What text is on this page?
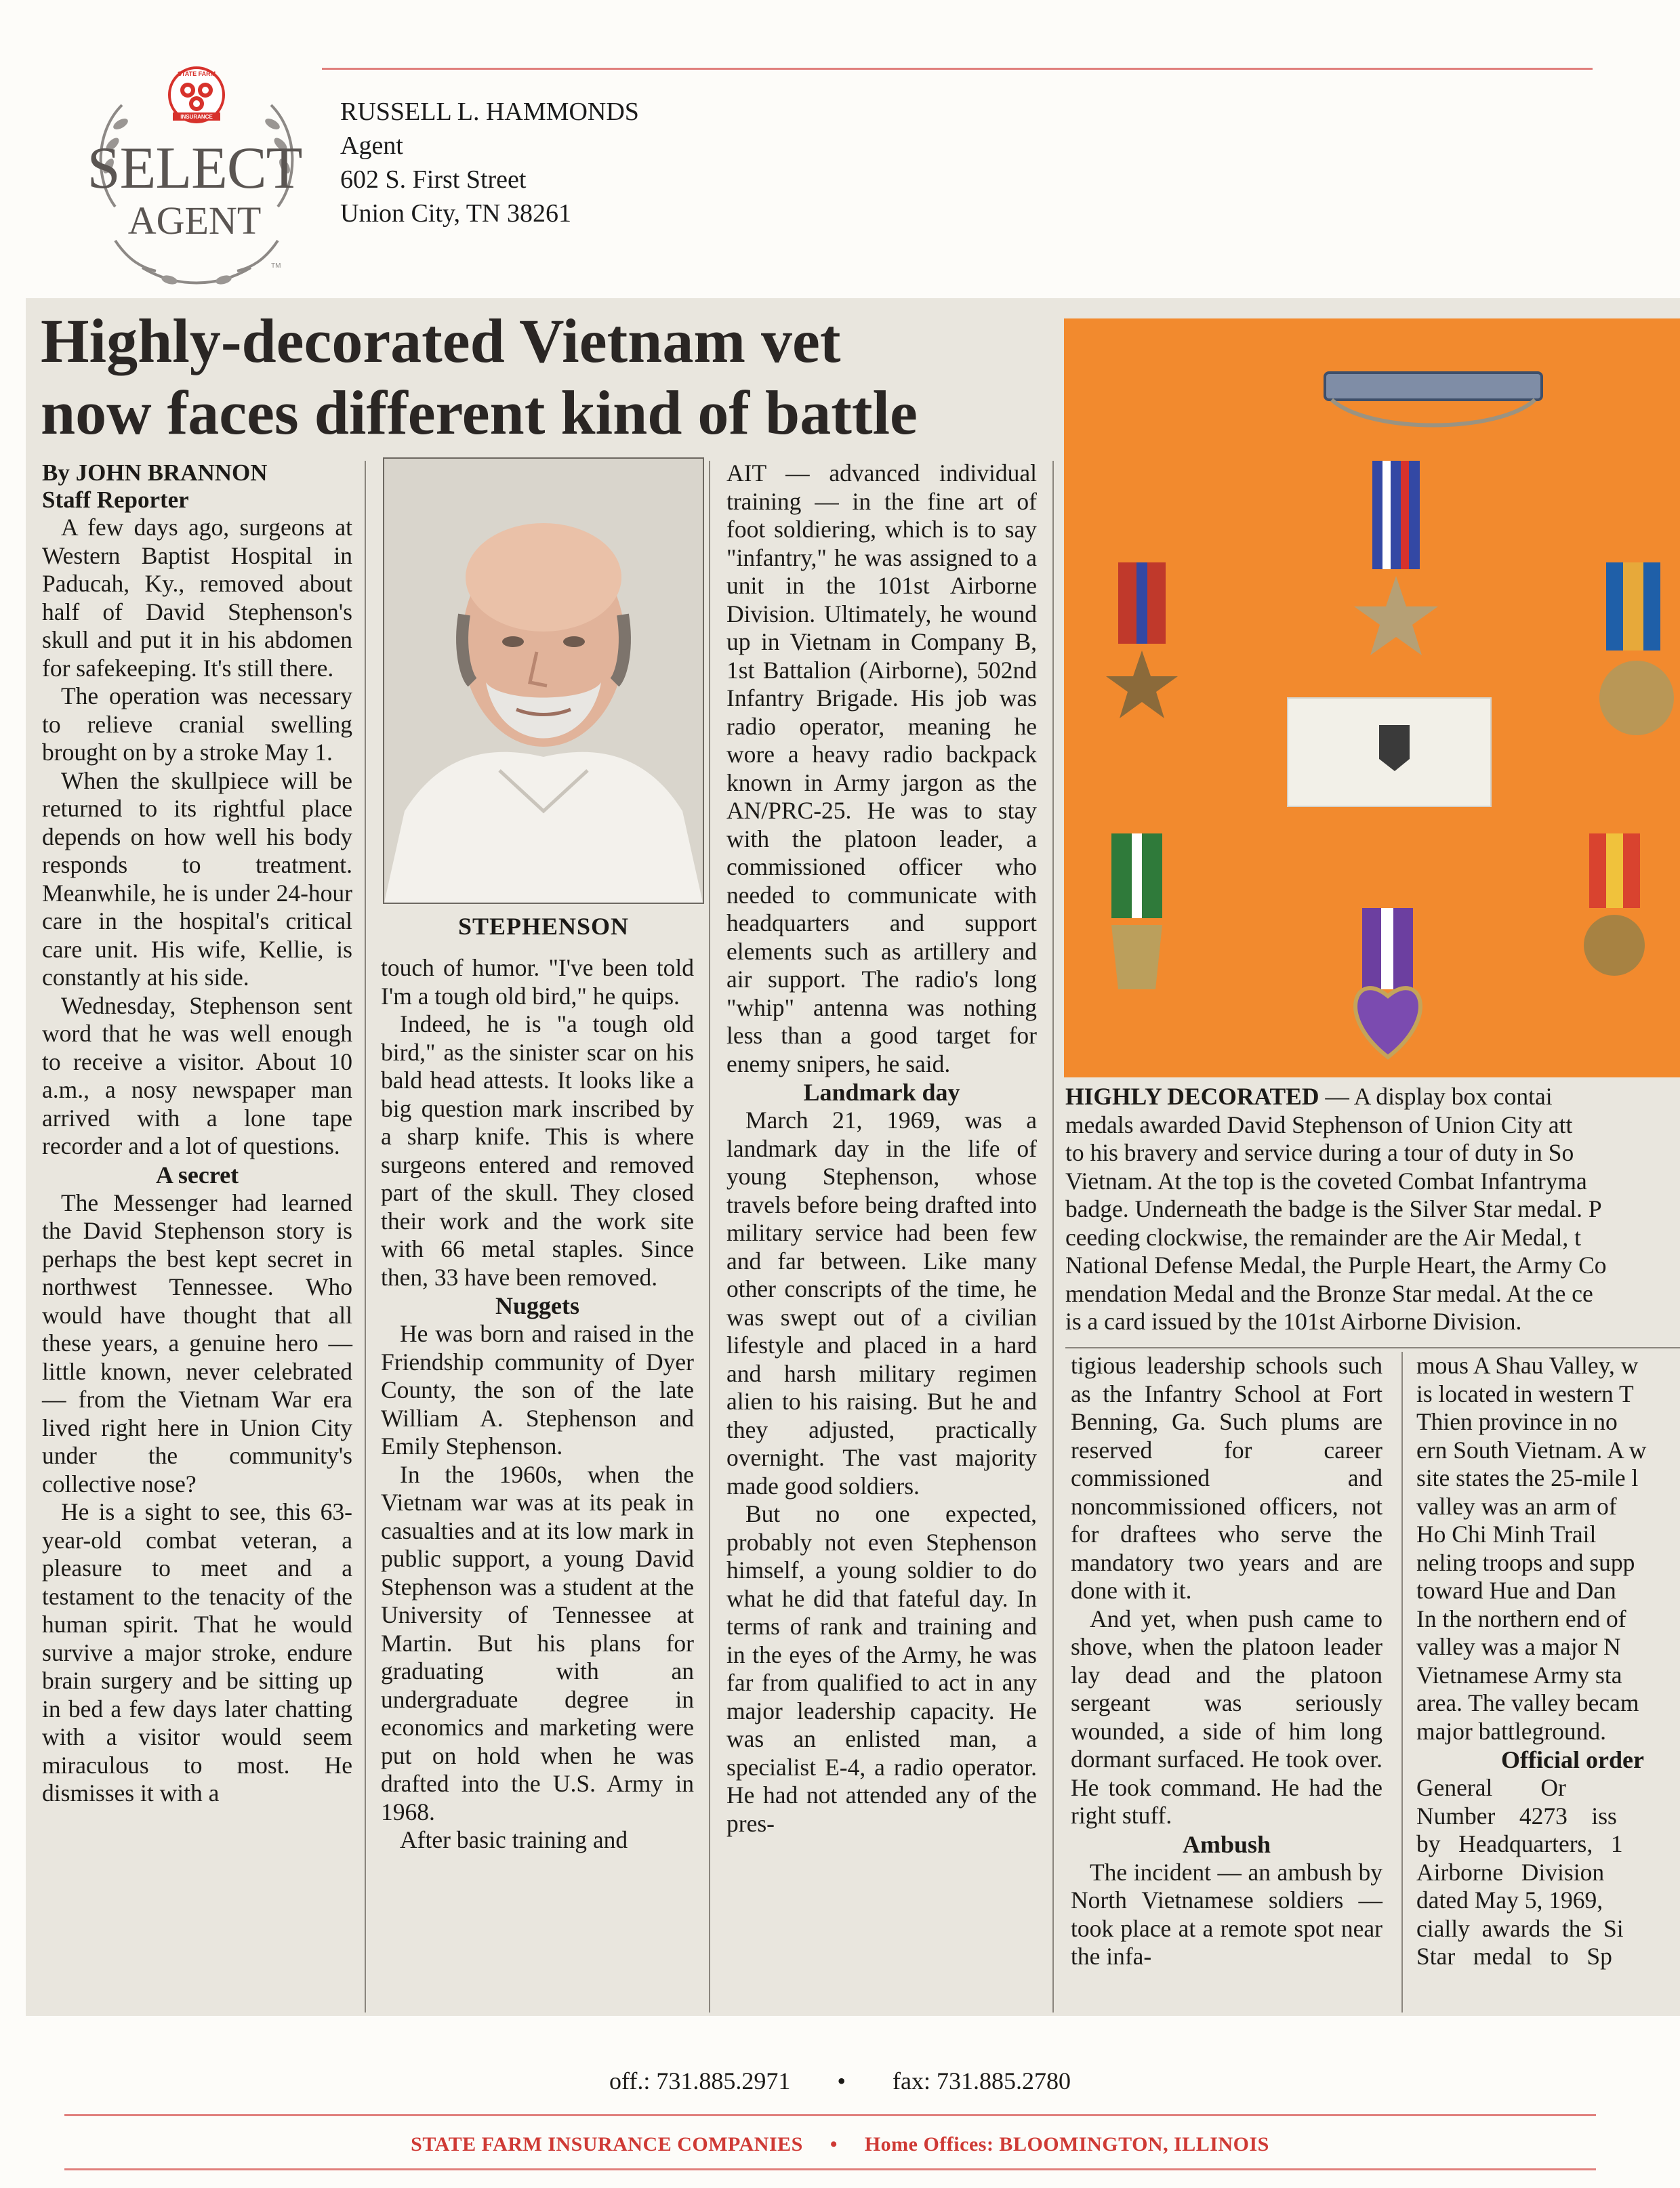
STATE FARM
INSURANCE
TM
SELECT
AGENT
RUSSELL L. HAMMONDS
Agent
602 S. First Street
Union City, TN 38261
Highly-decorated Vietnam vet
now faces different kind of battle
By JOHN BRANNON
Staff Reporter

A few days ago, surgeons at Western Baptist Hospital in Paducah, Ky., removed about half of David Stephenson's skull and put it in his abdomen for safekeeping. It's still there.

The operation was necessary to relieve cranial swelling brought on by a stroke May 1.

When the skullpiece will be returned to its rightful place depends on how well his body responds to treatment. Meanwhile, he is under 24-hour care in the hospital's critical care unit. His wife, Kellie, is constantly at his side.

Wednesday, Stephenson sent word that he was well enough to receive a visitor. About 10 a.m., a nosy newspaper man arrived with a lone tape recorder and a lot of questions.

A secret

The Messenger had learned the David Stephenson story is perhaps the best kept secret in northwest Tennessee. Who would have thought that all these years, a genuine hero — little known, never celebrated — from the Vietnam War era lived right here in Union City under the community's collective nose?

He is a sight to see, this 63-year-old combat veteran, a pleasure to meet and a testament to the tenacity of the human spirit. That he would survive a major stroke, endure brain surgery and be sitting up in bed a few days later chatting with a visitor would seem miraculous to most. He dismisses it with a

STEPHENSON

touch of humor. "I've been told I'm a tough old bird," he quips.

Indeed, he is "a tough old bird," as the sinister scar on his bald head attests. It looks like a big question mark inscribed by a sharp knife. This is where surgeons entered and removed part of the skull. They closed their work and the work site with 66 metal staples. Since then, 33 have been removed.

Nuggets

He was born and raised in the Friendship community of Dyer County, the son of the late William A. Stephenson and Emily Stephenson.

In the 1960s, when the Vietnam war was at its peak in casualties and at its low mark in public support, a young David Stephenson was a student at the University of Tennessee at Martin. But his plans for graduating with an undergraduate degree in economics and marketing were put on hold when he was drafted into the U.S. Army in 1968.

After basic training and

AIT — advanced individual training — in the fine art of foot soldiering, which is to say "infantry," he was assigned to a unit in the 101st Airborne Division. Ultimately, he wound up in Vietnam in Company B, 1st Battalion (Airborne), 502nd Infantry Brigade. His job was radio operator, meaning he wore a heavy radio backpack known in Army jargon as the AN/PRC-25. He was to stay with the platoon leader, a commissioned officer who needed to communicate with headquarters and support elements such as artillery and air support. The radio's long "whip" antenna was nothing less than a good target for enemy snipers, he said.

Landmark day

March 21, 1969, was a landmark day in the life of young Stephenson, whose travels before being drafted into military service had been few and far between. Like many other conscripts of the time, he was swept out of a civilian lifestyle and placed in a hard and harsh military regimen alien to his raising. But he and they adjusted, practically overnight. The vast majority made good soldiers.

But no one expected, probably not even Stephenson himself, a young soldier to do what he did that fateful day. In terms of rank and training and in the eyes of the Army, he was far from qualified to act in any major leadership capacity. He was an enlisted man, a specialist E-4, a radio operator. He had not attended any of the pres-

HIGHLY DECORATED — A display box contai
medals awarded David Stephenson of Union City att
to his bravery and service during a tour of duty in So
Vietnam. At the top is the coveted Combat Infantryma
badge. Underneath the badge is the Silver Star medal. P
ceeding clockwise, the remainder are the Air Medal, t
National Defense Medal, the Purple Heart, the Army Co
mendation Medal and the Bronze Star medal. At the ce
is a card issued by the 101st Airborne Division.

tigious leadership schools such as the Infantry School at Fort Benning, Ga. Such plums are reserved for career commissioned and noncommissioned officers, not for draftees who serve the mandatory two years and are done with it.

And yet, when push came to shove, when the platoon leader lay dead and the platoon sergeant was seriously wounded, a side of him long dormant surfaced. He took over. He took command. He had the right stuff.

Ambush

The incident — an ambush by North Vietnamese soldiers — took place at a remote spot near the infa-

mous A Shau Valley, w
is located in western T
Thien province in no
ern South Vietnam. A w
site states the 25-mile l
valley was an arm of
Ho Chi Minh Trail
neling troops and supp
toward Hue and Dan
In the northern end of
valley was a major N
Vietnamese Army sta
area. The valley becam
major battleground.
Official order
General        Or
Number    4273    iss
by   Headquarters,   1
Airborne   Division
dated May 5, 1969,
cially  awards  the  Si
Star   medal   to   Sp
off.: 731.885.2971 • fax: 731.885.2780
STATE FARM INSURANCE COMPANIES • Home Offices: BLOOMINGTON, ILLINOIS
